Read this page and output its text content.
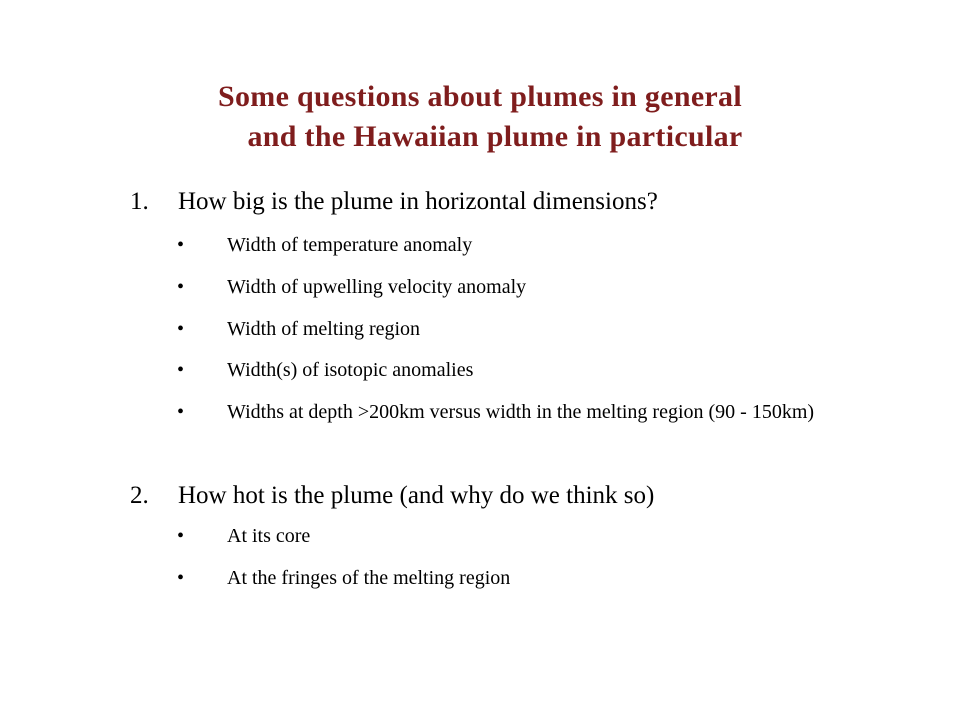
Some questions about plumes in general
and the Hawaiian plume in particular
1. How big is the plume in horizontal dimensions?
• Width of temperature anomaly
• Width of upwelling velocity anomaly
• Width of melting region
• Width(s) of isotopic anomalies
• Widths at depth >200km versus width in the melting region (90 - 150km)
2. How hot is the plume (and why do we think so)
• At its core
• At the fringes of the melting region
